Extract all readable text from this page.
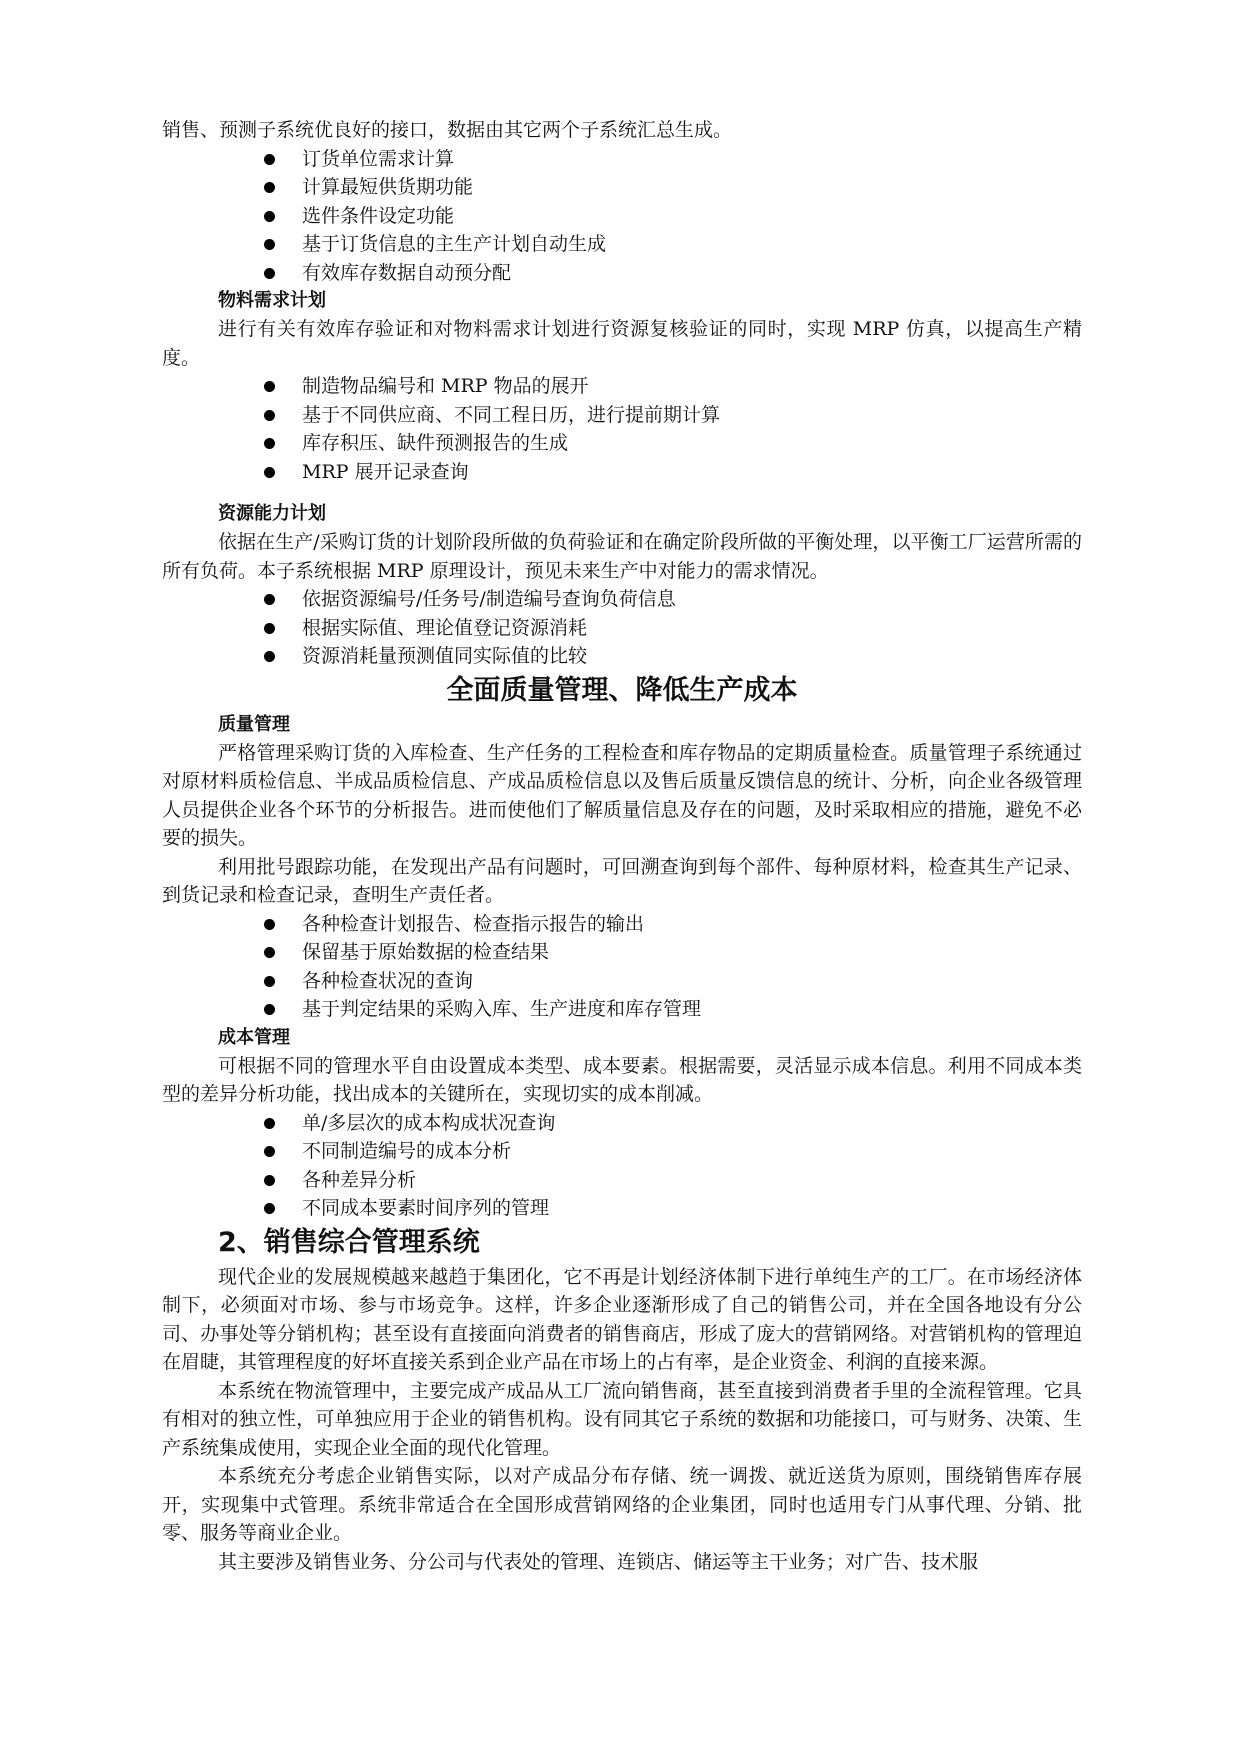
销售、预测子系统优良好的接口，数据由其它两个子系统汇总生成。

订货单位需求计算
计算最短供货期功能
选件条件设定功能
基于订货信息的主生产计划自动生成
有效库存数据自动预分配

物料需求计划

进行有关有效库存验证和对物料需求计划进行资源复核验证的同时，实现 MRP 仿真，以提高生产精度。

制造物品编号和 MRP 物品的展开
基于不同供应商、不同工程日历，进行提前期计算
库存积压、缺件预测报告的生成
MRP 展开记录查询

资源能力计划

依据在生产/采购订货的计划阶段所做的负荷验证和在确定阶段所做的平衡处理，以平衡工厂运营所需的所有负荷。本子系统根据 MRP 原理设计，预见未来生产中对能力的需求情况。

依据资源编号/任务号/制造编号查询负荷信息
根据实际值、理论值登记资源消耗
资源消耗量预测值同实际值的比较

全面质量管理、降低生产成本

质量管理

严格管理采购订货的入库检查、生产任务的工程检查和库存物品的定期质量检查。质量管理子系统通过对原材料质检信息、半成品质检信息、产成品质检信息以及售后质量反馈信息的统计、分析，向企业各级管理人员提供企业各个环节的分析报告。进而使他们了解质量信息及存在的问题，及时采取相应的措施，避免不必要的损失。

利用批号跟踪功能，在发现出产品有问题时，可回溯查询到每个部件、每种原材料，检查其生产记录、到货记录和检查记录，查明生产责任者。

各种检查计划报告、检查指示报告的输出
保留基于原始数据的检查结果
各种检查状况的查询
基于判定结果的采购入库、生产进度和库存管理

成本管理

可根据不同的管理水平自由设置成本类型、成本要素。根据需要，灵活显示成本信息。利用不同成本类型的差异分析功能，找出成本的关键所在，实现切实的成本削减。

单/多层次的成本构成状况查询
不同制造编号的成本分析
各种差异分析
不同成本要素时间序列的管理

2、销售综合管理系统

现代企业的发展规模越来越趋于集团化，它不再是计划经济体制下进行单纯生产的工厂。在市场经济体制下，必须面对市场、参与市场竞争。这样，许多企业逐渐形成了自己的销售公司，并在全国各地设有分公司、办事处等分销机构；甚至设有直接面向消费者的销售商店，形成了庞大的营销网络。对营销机构的管理迫在眉睫，其管理程度的好坏直接关系到企业产品在市场上的占有率，是企业资金、利润的直接来源。

本系统在物流管理中，主要完成产成品从工厂流向销售商，甚至直接到消费者手里的全流程管理。它具有相对的独立性，可单独应用于企业的销售机构。设有同其它子系统的数据和功能接口，可与财务、决策、生产系统集成使用，实现企业全面的现代化管理。

本系统充分考虑企业销售实际，以对产成品分布存储、统一调拨、就近送货为原则，围绕销售库存展开，实现集中式管理。系统非常适合在全国形成营销网络的企业集团，同时也适用专门从事代理、分销、批零、服务等商业企业。

其主要涉及销售业务、分公司与代表处的管理、连锁店、储运等主干业务；对广告、技术服
